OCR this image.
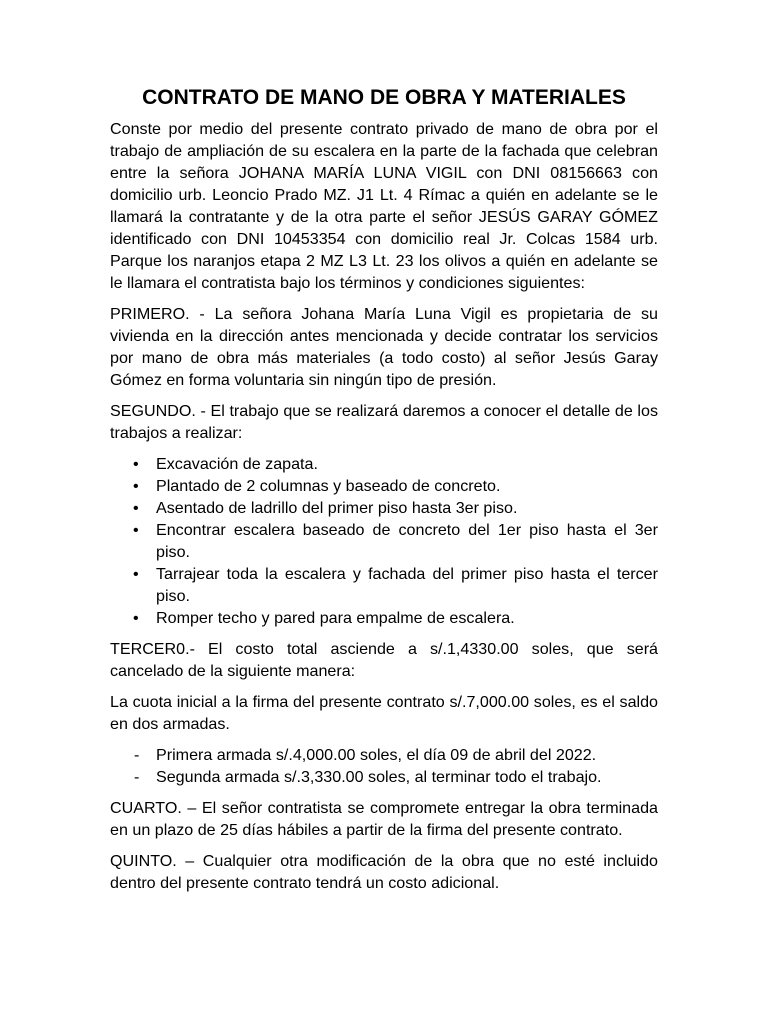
CONTRATO DE MANO DE OBRA Y MATERIALES

Conste por medio del presente contrato privado de mano de obra por el trabajo de ampliación de su escalera en la parte de la fachada que celebran entre la señora JOHANA MARÍA LUNA VIGIL con DNI 08156663 con domicilio urb. Leoncio Prado MZ. J1 Lt. 4 Rímac a quién en adelante se le llamará la contratante y de la otra parte el señor JESÚS GARAY GÓMEZ identificado con DNI 10453354 con domicilio real Jr. Colcas 1584 urb. Parque los naranjos etapa 2 MZ L3 Lt. 23 los olivos a quién en adelante se le llamara el contratista bajo los términos y condiciones siguientes:

PRIMERO. - La señora Johana María Luna Vigil es propietaria de su vivienda en la dirección antes mencionada y decide contratar los servicios por mano de obra más materiales (a todo costo) al señor Jesús Garay Gómez en forma voluntaria sin ningún tipo de presión.

SEGUNDO. - El trabajo que se realizará daremos a conocer el detalle de los trabajos a realizar:

• Excavación de zapata.
• Plantado de 2 columnas y baseado de concreto.
• Asentado de ladrillo del primer piso hasta 3er piso.
• Encontrar escalera baseado de concreto del 1er piso hasta el 3er piso.
• Tarrajear toda la escalera y fachada del primer piso hasta el tercer piso.
• Romper techo y pared para empalme de escalera.

TERCER0.- El costo total asciende a s/.1,4330.00 soles, que será cancelado de la siguiente manera:

La cuota inicial a la firma del presente contrato s/.7,000.00 soles, es el saldo en dos armadas.

- Primera armada s/.4,000.00 soles, el día 09 de abril del 2022.
- Segunda armada s/.3,330.00 soles, al terminar todo el trabajo.

CUARTO. – El señor contratista se compromete entregar la obra terminada en un plazo de 25 días hábiles a partir de la firma del presente contrato.

QUINTO. – Cualquier otra modificación de la obra que no esté incluido dentro del presente contrato tendrá un costo adicional.
